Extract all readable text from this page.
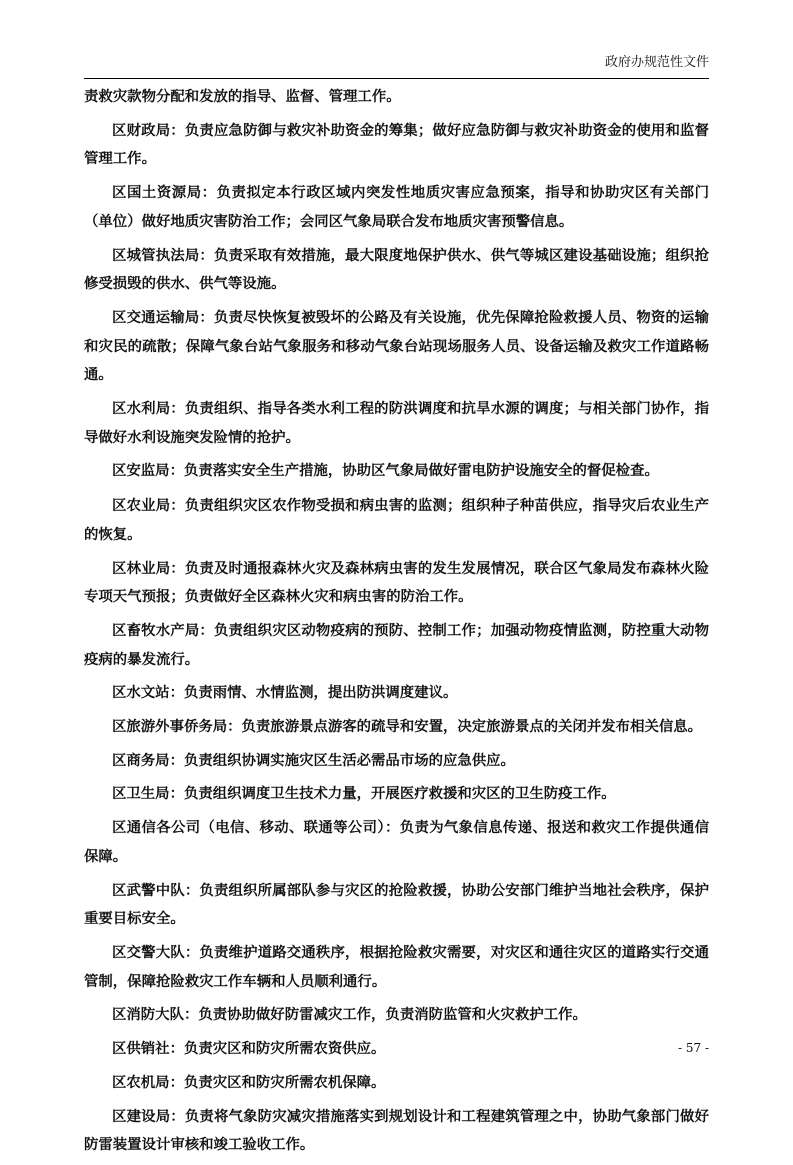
政府办规范性文件

责救灾款物分配和发放的指导、监督、管理工作。

区财政局：负责应急防御与救灾补助资金的筹集；做好应急防御与救灾补助资金的使用和监督管理工作。

区国土资源局：负责拟定本行政区域内突发性地质灾害应急预案，指导和协助灾区有关部门（单位）做好地质灾害防治工作；会同区气象局联合发布地质灾害预警信息。

区城管执法局：负责采取有效措施，最大限度地保护供水、供气等城区建设基础设施；组织抢修受损毁的供水、供气等设施。

区交通运输局：负责尽快恢复被毁坏的公路及有关设施，优先保障抢险救援人员、物资的运输和灾民的疏散；保障气象台站气象服务和移动气象台站现场服务人员、设备运输及救灾工作道路畅通。

区水利局：负责组织、指导各类水利工程的防洪调度和抗旱水源的调度；与相关部门协作，指导做好水利设施突发险情的抢护。

区安监局：负责落实安全生产措施，协助区气象局做好雷电防护设施安全的督促检查。

区农业局：负责组织灾区农作物受损和病虫害的监测；组织种子种苗供应，指导灾后农业生产的恢复。

区林业局：负责及时通报森林火灾及森林病虫害的发生发展情况，联合区气象局发布森林火险专项天气预报；负责做好全区森林火灾和病虫害的防治工作。

区畜牧水产局：负责组织灾区动物疫病的预防、控制工作；加强动物疫情监测，防控重大动物疫病的暴发流行。

区水文站：负责雨情、水情监测，提出防洪调度建议。

区旅游外事侨务局：负责旅游景点游客的疏导和安置，决定旅游景点的关闭并发布相关信息。

区商务局：负责组织协调实施灾区生活必需品市场的应急供应。

区卫生局：负责组织调度卫生技术力量，开展医疗救援和灾区的卫生防疫工作。

区通信各公司（电信、移动、联通等公司）：负责为气象信息传递、报送和救灾工作提供通信保障。

区武警中队：负责组织所属部队参与灾区的抢险救援，协助公安部门维护当地社会秩序，保护重要目标安全。

区交警大队：负责维护道路交通秩序，根据抢险救灾需要，对灾区和通往灾区的道路实行交通管制，保障抢险救灾工作车辆和人员顺利通行。

区消防大队：负责协助做好防雷减灾工作，负责消防监管和火灾救护工作。

区供销社：负责灾区和防灾所需农资供应。

区农机局：负责灾区和防灾所需农机保障。

区建设局：负责将气象防灾减灾措施落实到规划设计和工程建筑管理之中，协助气象部门做好防雷装置设计审核和竣工验收工作。

- 57 -
